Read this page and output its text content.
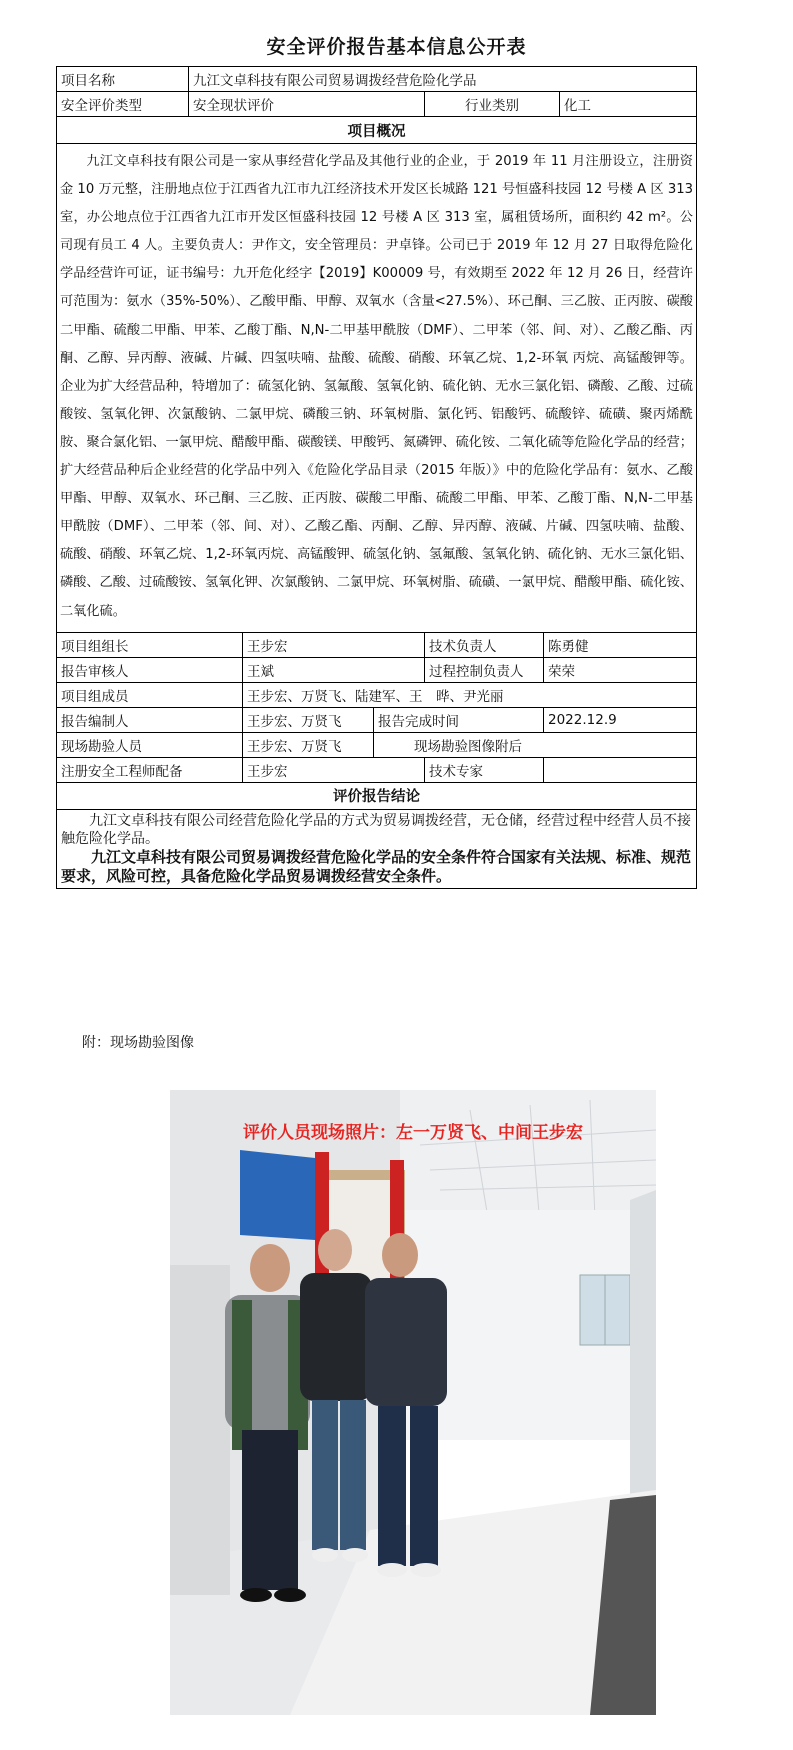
安全评价报告基本信息公开表
项目名称	九江文卓科技有限公司贸易调拨经营危险化学品					
安全评价类型	安全现状评价			行业类别		化工
项目概况						

九江文卓科技有限公司是一家从事经营化学品及其他行业的企业，于 2019 年 11 月注册设立，注册资金 10 万元整，注册地点位于江西省九江市九江经济技术开发区长城路 121 号恒盛科技园 12 号楼 A 区 313 室，办公地点位于江西省九江市开发区恒盛科技园 12 号楼 A 区 313 室，属租赁场所，面积约 42 m²。公司现有员工 4 人。主要负责人：尹作文，安全管理员：尹卓锋。公司已于 2019 年 12 月 27 日取得危险化学品经营许可证，证书编号：九开危化经字【2019】K00009 号，有效期至 2022 年 12 月 26 日，经营许可范围为：氨水（35%-50%）、乙酸甲酯、甲醇、双氧水（含量<27.5%）、环己酮、三乙胺、正丙胺、碳酸二甲酯、硫酸二甲酯、甲苯、乙酸丁酯、N,N-二甲基甲酰胺（DMF）、二甲苯（邻、间、对）、乙酸乙酯、丙酮、乙醇、异丙醇、液碱、片碱、四氢呋喃、盐酸、硫酸、硝酸、环氧乙烷、1,2-环氧 丙烷、高锰酸钾等。企业为扩大经营品种，特增加了：硫氢化钠、氢氟酸、氢氧化钠、硫化钠、无水三氯化铝、磷酸、乙酸、过硫酸铵、氢氧化钾、次氯酸钠、二氯甲烷、磷酸三钠、环氧树脂、氯化钙、铝酸钙、硫酸锌、硫磺、聚丙烯酰胺、聚合氯化铝、一氯甲烷、醋酸甲酯、碳酸镁、甲酸钙、氮磷钾、硫化铵、二氧化硫等危险化学品的经营；扩大经营品种后企业经营的化学品中列入《危险化学品目录（2015 年版）》中的危险化学品有：氨水、乙酸甲酯、甲醇、双氧水、环己酮、三乙胺、正丙胺、碳酸二甲酯、硫酸二甲酯、甲苯、乙酸丁酯、N,N-二甲基甲酰胺（DMF）、二甲苯（邻、间、对）、乙酸乙酯、丙酮、乙醇、异丙醇、液碱、片碱、四氢呋喃、盐酸、硫酸、硝酸、环氧乙烷、1,2-环氧丙烷、高锰酸钾、硫氢化钠、氢氟酸、氢氧化钠、硫化钠、无水三氯化铝、磷酸、乙酸、过硫酸铵、氢氧化钾、次氯酸钠、二氯甲烷、环氧树脂、硫磺、一氯甲烷、醋酸甲酯、硫化铵、二氧化硫。						

项目组组长		王步宏		技术负责人	陈勇健	
报告审核人		王斌		过程控制负责人	荣荣	
项目组成员		王步宏、万贤飞、陆建军、王　晔、尹光丽				
报告编制人		王步宏、万贤飞	报告完成时间		2022.12.9	
现场勘验人员		王步宏、万贤飞	现场勘验图像附后			
注册安全工程师配备		王步宏		技术专家		
评价报告结论						

九江文卓科技有限公司经营危险化学品的方式为贸易调拨经营，无仓储，经营过程中经营人员不接触危险化学品。

九江文卓科技有限公司贸易调拨经营危险化学品的安全条件符合国家有关法规、标准、规范要求，风险可控，具备危险化学品贸易调拨经营安全条件。						

附：现场勘验图像
评价人员现场照片：左一万贤飞、中间王步宏
